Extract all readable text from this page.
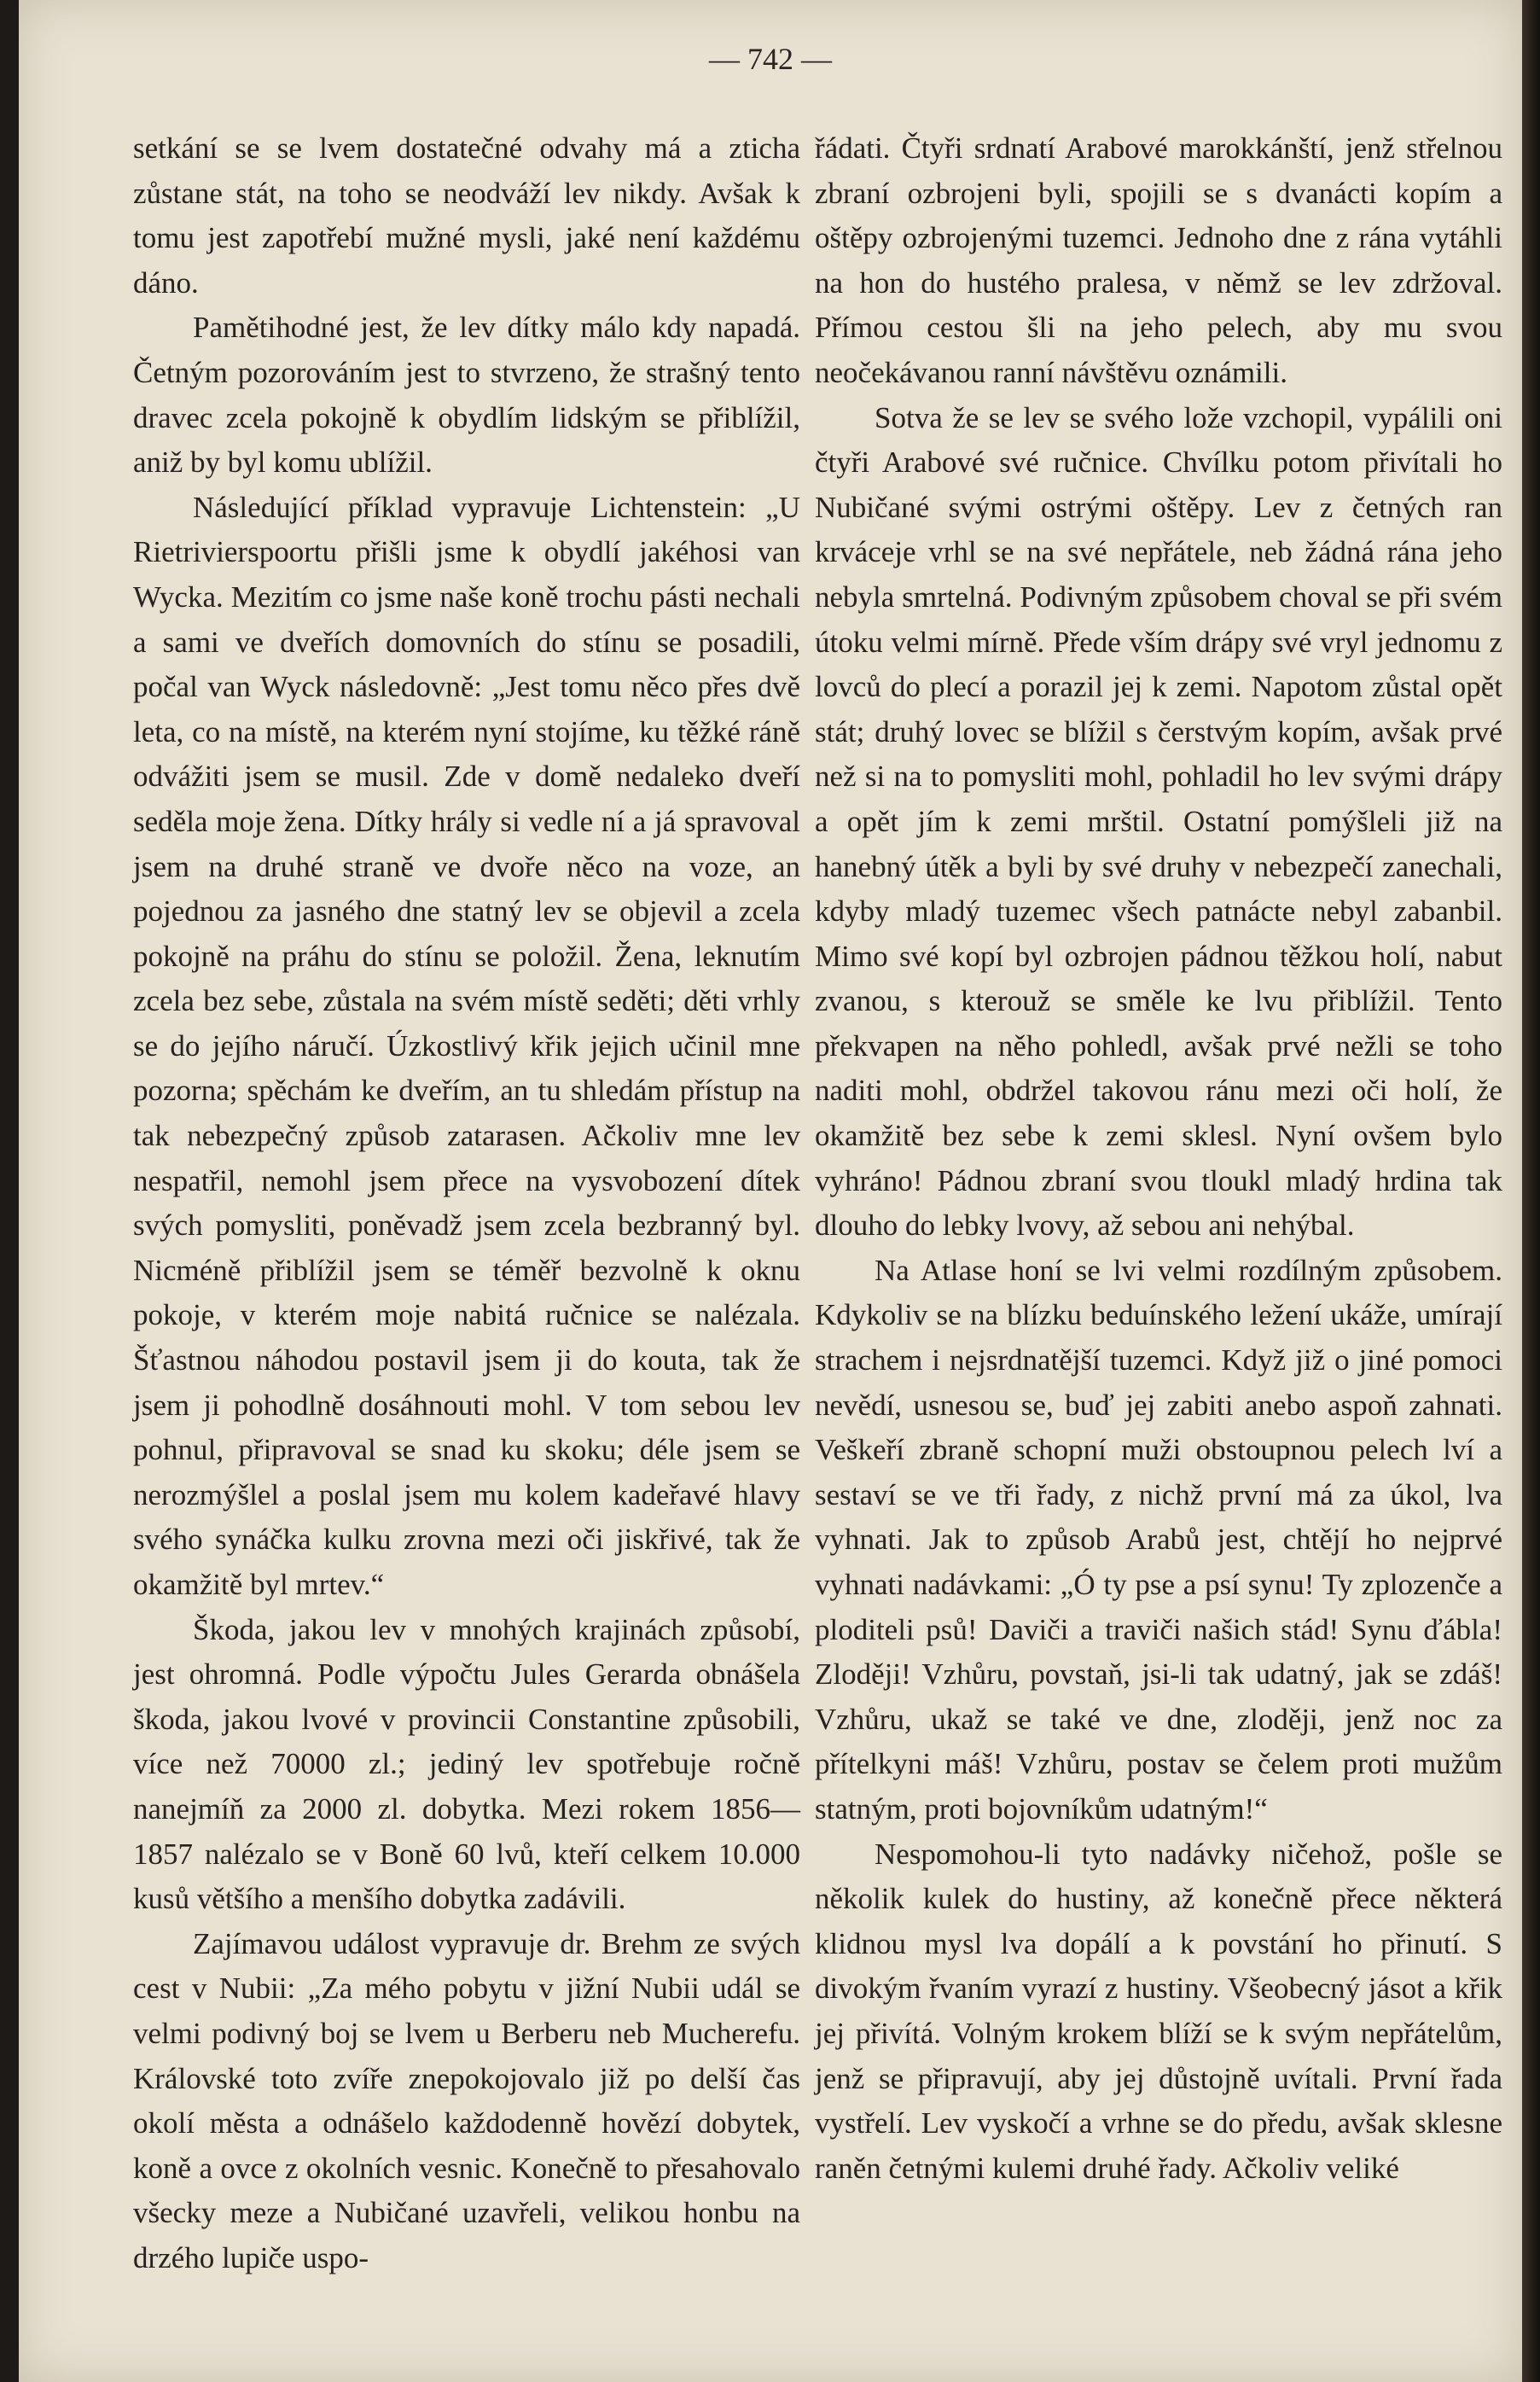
— 742 —

setkání se se lvem dostatečné odvahy má a zticha zůstane stát, na toho se neodváží lev nikdy. Avšak k tomu jest zapotřebí mužné mysli, jaké není každému dáno.

Pamětihodné jest, že lev dítky málo kdy napadá. Četným pozorováním jest to stvrzeno, že strašný tento dravec zcela pokojně k obydlím lidským se přiblížil, aniž by byl komu ublížil.

Následující příklad vypravuje Lichtenstein: „U Rietrivierspoortu přišli jsme k obydlí jakéhosi van Wycka. Mezitím co jsme naše koně trochu pásti nechali a sami ve dveřích domovních do stínu se posadili, počal van Wyck následovně: „Jest tomu něco přes dvě leta, co na místě, na kterém nyní stojíme, ku těžké ráně odvážiti jsem se musil. Zde v domě nedaleko dveří seděla moje žena. Dítky hrály si vedle ní a já spravoval jsem na druhé straně ve dvoře něco na voze, an pojednou za jasného dne statný lev se objevil a zcela pokojně na práhu do stínu se položil. Žena, leknutím zcela bez sebe, zůstala na svém místě seděti; děti vrhly se do jejího náručí. Úzkostlivý křik jejich učinil mne pozorna; spěchám ke dveřím, an tu shledám přístup na tak nebezpečný způsob zatarasen. Ačkoliv mne lev nespatřil, nemohl jsem přece na vysvobození dítek svých pomysliti, poněvadž jsem zcela bezbranný byl. Nicméně přiblížil jsem se téměř bezvolně k oknu pokoje, v kterém moje nabitá ručnice se nalézala. Šťastnou náhodou postavil jsem ji do kouta, tak že jsem ji pohodlně dosáhnouti mohl. V tom sebou lev pohnul, připravoval se snad ku skoku; déle jsem se nerozmýšlel a poslal jsem mu kolem kadeřavé hlavy svého synáčka kulku zrovna mezi oči jiskřivé, tak že okamžitě byl mrtev.“

Škoda, jakou lev v mnohých krajinách způsobí, jest ohromná. Podle výpočtu Jules Gerarda obnášela škoda, jakou lvové v provincii Constantine způsobili, více než 70000 zl.; jediný lev spotřebuje ročně nanejmíň za 2000 zl. dobytka. Mezi rokem 1856—1857 nalézalo se v Boně 60 lvů, kteří celkem 10.000 kusů většího a menšího dobytka zadávili.

Zajímavou událost vypravuje dr. Brehm ze svých cest v Nubii: „Za mého pobytu v jižní Nubii udál se velmi podivný boj se lvem u Berberu neb Mucherefu. Královské toto zvíře znepokojovalo již po delší čas okolí města a odnášelo každodenně hovězí dobytek, koně a ovce z okolních vesnic. Konečně to přesahovalo všecky meze a Nubičané uzavřeli, velikou honbu na drzého lupiče uspo-

řádati. Čtyři srdnatí Arabové marokkánští, jenž střelnou zbraní ozbrojeni byli, spojili se s dvanácti kopím a oštěpy ozbrojenými tuzemci. Jednoho dne z rána vytáhli na hon do hustého pralesa, v němž se lev zdržoval. Přímou cestou šli na jeho pelech, aby mu svou neočekávanou ranní návštěvu oznámili.

Sotva že se lev se svého lože vzchopil, vypálili oni čtyři Arabové své ručnice. Chvílku potom přivítali ho Nubičané svými ostrými oštěpy. Lev z četných ran krváceje vrhl se na své nepřátele, neb žádná rána jeho nebyla smrtelná. Podivným způsobem choval se při svém útoku velmi mírně. Přede vším drápy své vryl jednomu z lovců do plecí a porazil jej k zemi. Napotom zůstal opět stát; druhý lovec se blížil s čerstvým kopím, avšak prvé než si na to pomysliti mohl, pohladil ho lev svými drápy a opět jím k zemi mrštil. Ostatní pomýšleli již na hanebný útěk a byli by své druhy v nebezpečí zanechali, kdyby mladý tuzemec všech patnácte nebyl zabanbil. Mimo své kopí byl ozbrojen pádnou těžkou holí, nabut zvanou, s kterouž se směle ke lvu přiblížil. Tento překvapen na něho pohledl, avšak prvé nežli se toho naditi mohl, obdržel takovou ránu mezi oči holí, že okamžitě bez sebe k zemi sklesl. Nyní ovšem bylo vyhráno! Pádnou zbraní svou tloukl mladý hrdina tak dlouho do lebky lvovy, až sebou ani nehýbal.

Na Atlase honí se lvi velmi rozdílným způsobem. Kdykoliv se na blízku beduínského ležení ukáže, umírají strachem i nejsrdnatější tuzemci. Když již o jiné pomoci nevědí, usnesou se, buď jej zabiti anebo aspoň zahnati. Veškeří zbraně schopní muži obstoupnou pelech lví a sestaví se ve tři řady, z nichž první má za úkol, lva vyhnati. Jak to způsob Arabů jest, chtějí ho nejprvé vyhnati nadávkami: „Ó ty pse a psí synu! Ty zplozenče a ploditeli psů! Daviči a traviči našich stád! Synu ďábla! Zloději! Vzhůru, povstaň, jsi-li tak udatný, jak se zdáš! Vzhůru, ukaž se také ve dne, zloději, jenž noc za přítelkyni máš! Vzhůru, postav se čelem proti mužům statným, proti bojovníkům udatným!“

Nespomohou-li tyto nadávky ničehož, pošle se několik kulek do hustiny, až konečně přece některá klidnou mysl lva dopálí a k povstání ho přinutí. S divokým řvaním vyrazí z hustiny. Všeobecný jásot a křik jej přivítá. Volným krokem blíží se k svým nepřátelům, jenž se připravují, aby jej důstojně uvítali. První řada vystřelí. Lev vyskočí a vrhne se do předu, avšak sklesne raněn četnými kulemi druhé řady. Ačkoliv veliké
